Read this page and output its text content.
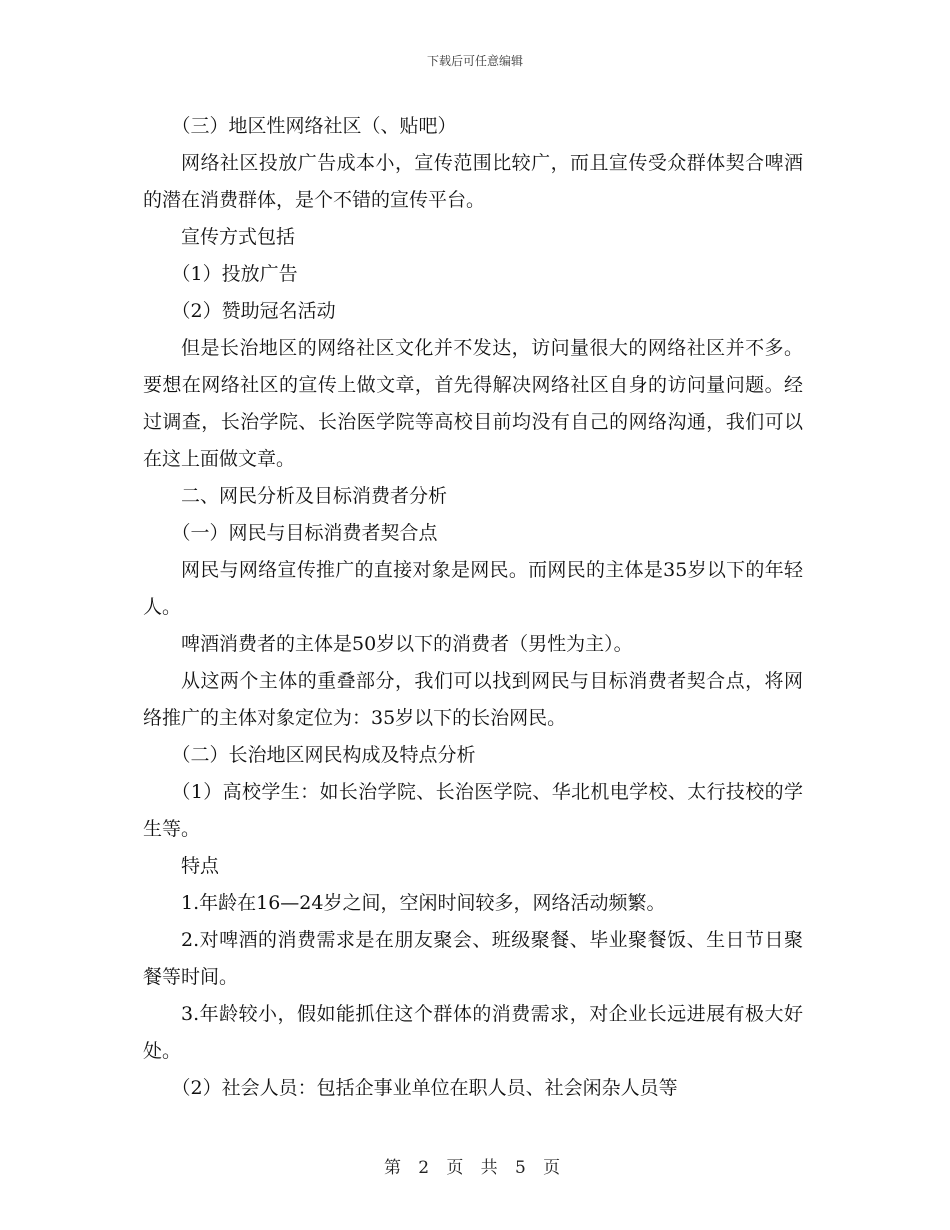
下载后可任意编辑

（三）地区性网络社区（、贴吧）

网络社区投放广告成本小，宣传范围比较广，而且宣传受众群体契合啤酒的潜在消费群体，是个不错的宣传平台。

宣传方式包括

（1）投放广告

（2）赞助冠名活动

但是长治地区的网络社区文化并不发达，访问量很大的网络社区并不多。要想在网络社区的宣传上做文章，首先得解决网络社区自身的访问量问题。经过调查，长治学院、长治医学院等高校目前均没有自己的网络沟通，我们可以在这上面做文章。

二、网民分析及目标消费者分析

（一）网民与目标消费者契合点

网民与网络宣传推广的直接对象是网民。而网民的主体是35岁以下的年轻人。

啤酒消费者的主体是50岁以下的消费者（男性为主）。

从这两个主体的重叠部分，我们可以找到网民与目标消费者契合点，将网络推广的主体对象定位为：35岁以下的长治网民。

（二）长治地区网民构成及特点分析

（1）高校学生：如长治学院、长治医学院、华北机电学校、太行技校的学生等。

特点

1.年龄在16—24岁之间，空闲时间较多，网络活动频繁。

2.对啤酒的消费需求是在朋友聚会、班级聚餐、毕业聚餐饭、生日节日聚餐等时间。

3.年龄较小，假如能抓住这个群体的消费需求，对企业长远进展有极大好处。

（2）社会人员：包括企事业单位在职人员、社会闲杂人员等

第 2 页 共 5 页
